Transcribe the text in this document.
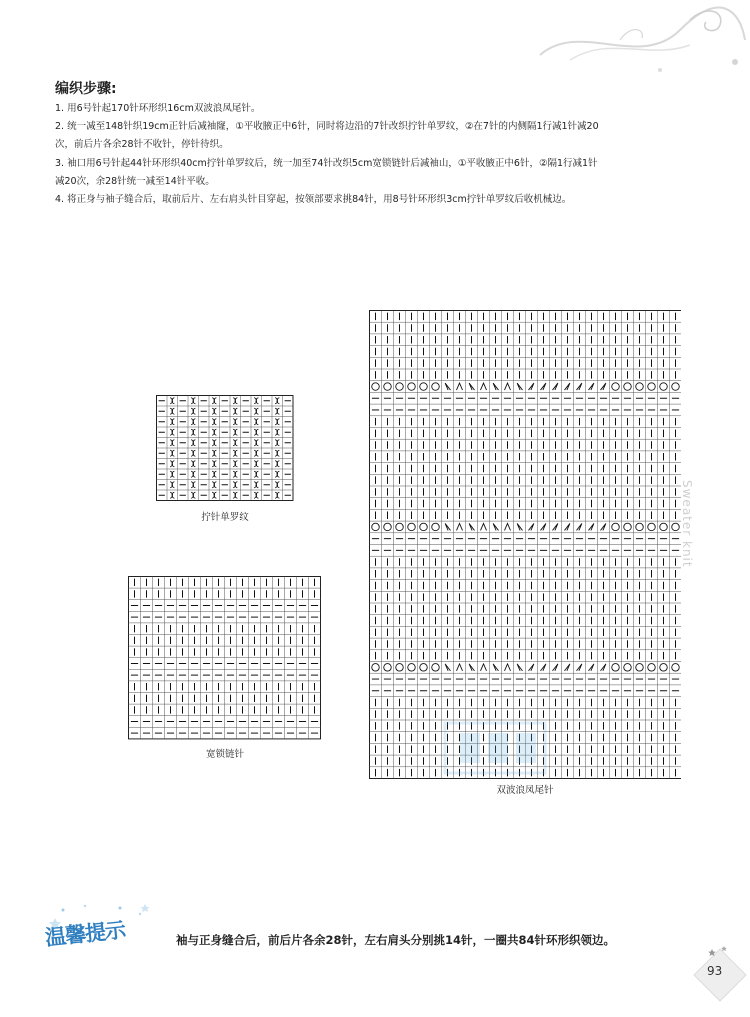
编织步骤:
1. 用6号针起170针环形织16cm双波浪凤尾针。
2. 统一减至148针织19cm正针后减袖窿，①平收腋正中6针，同时将边沿的7针改织拧针单罗纹，②在7针的内侧隔1行减1针减20
次，前后片各余28针不收针，停针待织。
3. 袖口用6号针起44针环形织40cm拧针单罗纹后，统一加至74针改织5cm宽锁链针后减袖山，①平收腋正中6针，②隔1行减1针
减20次，余28针统一减至14针平收。
4. 将正身与袖子缝合后，取前后片、左右肩头针目穿起，按领部要求挑84针，用8号针环形织3cm拧针单罗纹后收机械边。
拧针单罗纹
宽锁链针
双波浪凤尾针
Sweater knit
温馨提示	袖与正身缝合后，前后片各余28针，左右肩头分别挑14针，一圈共84针环形织领边。
93
